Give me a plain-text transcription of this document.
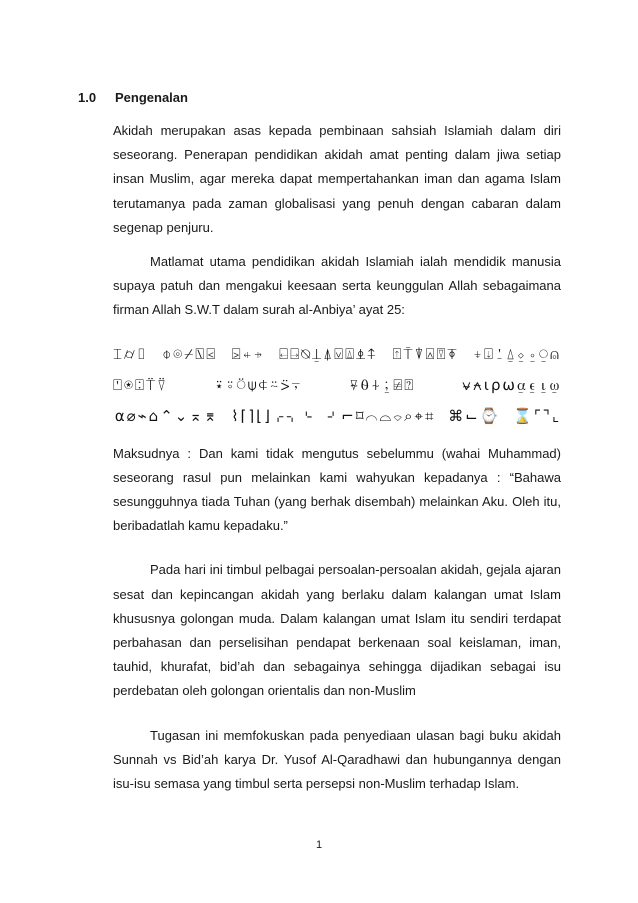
1.0	Pengenalan

Akidah merupakan asas kepada pembinaan sahsiah Islamiah dalam diri seseorang. Penerapan pendidikan akidah amat penting dalam jiwa setiap insan Muslim, agar mereka dapat mempertahankan iman dan agama Islam terutamanya pada zaman globalisasi yang penuh dengan cabaran dalam segenap penjuru.

Matlamat utama pendidikan akidah Islamiah ialah mendidik manusia supaya patuh dan mengakui keesaan serta keunggulan Allah sebagaimana firman Allah S.W.T dalam surah al-Anbiya’ ayat 25:

⌶⌭⌷ ⌽⌾⌿⍂⍃ ⍄⍅⍆ ⍇⍈⍉⍊⍋⍌⍍⍎⍏ ⍐⍑⍒⍓⍔⍕ ⍖⍗⍘⍙⍚⍛⍜⍝ ⍞⍟⍠⍡⍢ ⍣⍤⍥⍦⍧⍨⍩⍪ ⍫⍬⍭⍮⍯⍰ ⍱⍲⍳⍴⍵⍶⍷⍸⍹ ⍺⌀⌁⌂⌃⌄⌅⌆ ⌇⌈⌉⌊⌋⌌⌍⌎ ⌏⌐⌑⌒⌓⌔⌕⌖⌗ ⌘⌙⌚ ⌛⌜⌝⌞

Maksudnya : Dan kami tidak mengutus sebelummu (wahai Muhammad) seseorang rasul pun melainkan kami wahyukan kepadanya : “Bahawa sesungguhnya tiada Tuhan (yang berhak disembah) melainkan Aku. Oleh itu, beribadatlah kamu kepadaku.”

Pada hari ini timbul pelbagai persoalan-persoalan akidah, gejala ajaran sesat dan kepincangan akidah yang berlaku dalam kalangan umat Islam khususnya golongan muda. Dalam kalangan umat Islam itu sendiri terdapat perbahasan dan perselisihan pendapat berkenaan soal keislaman, iman, tauhid, khurafat, bid’ah dan sebagainya sehingga dijadikan sebagai isu perdebatan oleh golongan orientalis dan non-Muslim

Tugasan ini memfokuskan pada penyediaan ulasan bagi buku akidah Sunnah vs Bid’ah karya Dr. Yusof Al-Qaradhawi dan hubungannya dengan isu-isu semasa yang timbul serta persepsi non-Muslim terhadap Islam.

1
